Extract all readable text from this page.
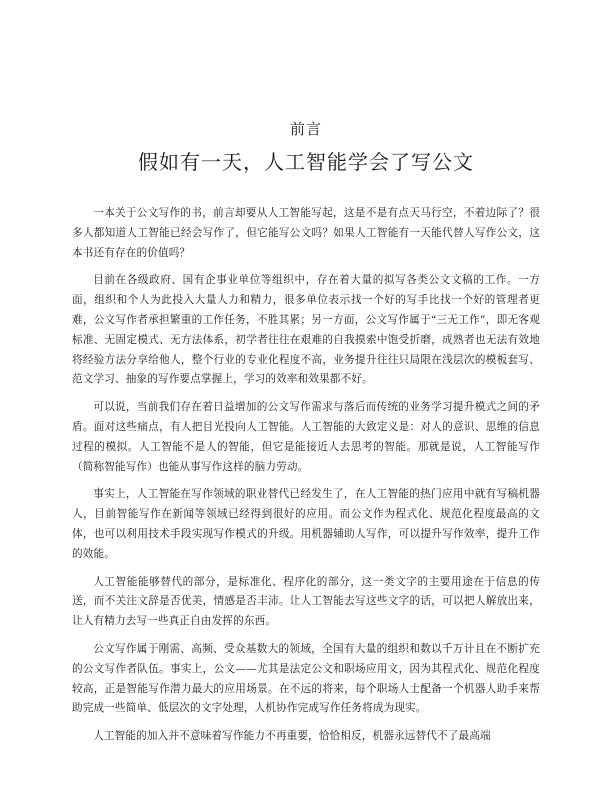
前言
假如有一天，人工智能学会了写公文

一本关于公文写作的书，前言却要从人工智能写起，这是不是有点天马行空，不着边际了？很多人都知道人工智能已经会写作了，但它能写公文吗？如果人工智能有一天能代替人写作公文，这本书还有存在的价值吗？

目前在各级政府、国有企事业单位等组织中，存在着大量的拟写各类公文文稿的工作。一方面，组织和个人为此投入大量人力和精力，很多单位表示找一个好的写手比找一个好的管理者更难，公文写作者承担繁重的工作任务，不胜其累；另一方面，公文写作属于“三无工作”，即无客观标准、无固定模式、无方法体系，初学者往往在艰难的自我摸索中饱受折磨，成熟者也无法有效地将经验方法分享给他人，整个行业的专业化程度不高，业务提升往往只局限在浅层次的模板套写、范文学习、抽象的写作要点掌握上，学习的效率和效果都不好。

可以说，当前我们存在着日益增加的公文写作需求与落后而传统的业务学习提升模式之间的矛盾。面对这些痛点，有人把目光投向人工智能。人工智能的大致定义是：对人的意识、思维的信息过程的模拟。人工智能不是人的智能，但它是能接近人去思考的智能。那就是说，人工智能写作（简称智能写作）也能从事写作这样的脑力劳动。

事实上，人工智能在写作领域的职业替代已经发生了，在人工智能的热门应用中就有写稿机器人，目前智能写作在新闻等领域已经得到很好的应用。而公文作为程式化、规范化程度最高的文体，也可以利用技术手段实现写作模式的升级。用机器辅助人写作，可以提升写作效率，提升工作的效能。

人工智能能够替代的部分，是标准化、程序化的部分，这一类文字的主要用途在于信息的传送，而不关注文辞是否优美，情感是否丰沛。让人工智能去写这些文字的话，可以把人解放出来，让人有精力去写一些真正自由发挥的东西。

公文写作属于刚需、高频、受众基数大的领域，全国有大量的组织和数以千万计且在不断扩充的公文写作者队伍。事实上，公文——尤其是法定公文和职场应用文，因为其程式化、规范化程度较高，正是智能写作潜力最大的应用场景。在不远的将来，每个职场人士配备一个机器人助手来帮助完成一些简单、低层次的文字处理，人机协作完成写作任务将成为现实。

人工智能的加入并不意味着写作能力不再重要，恰恰相反，机器永远替代不了最高端
